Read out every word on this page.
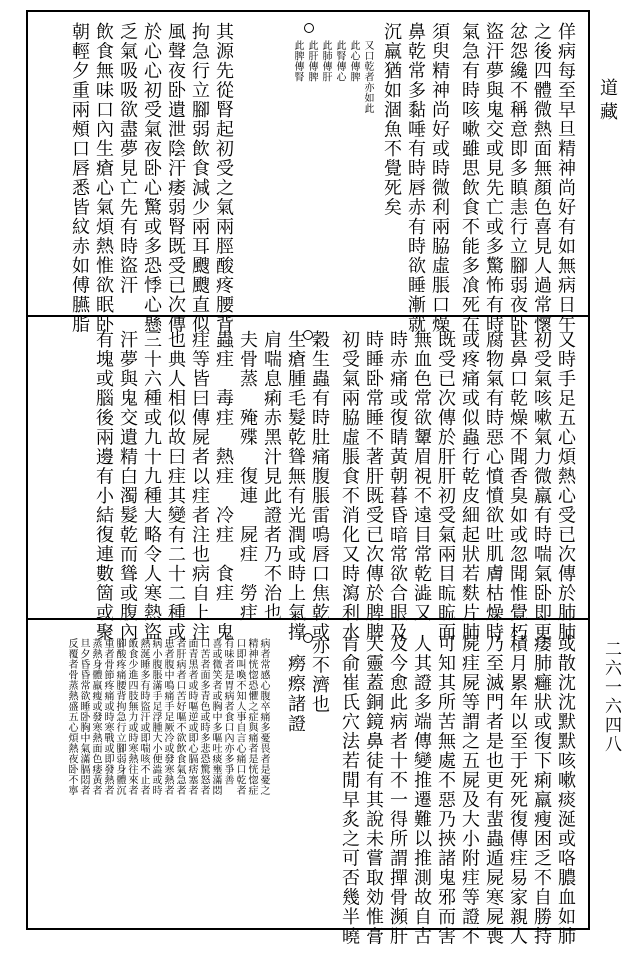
道藏
二六一六四八
佯病每至早旦精神尚好有如無病日午
之後四體微熱面無顏色喜見人過常懷
忿怨纔不稱意即多瞋恚行立腳弱夜卧
盜汗夢與鬼交或見先亡或多驚怖有時
氣急有時咳嗽雖思飲食不能多飡死在
須臾精神尚好或時微利兩脇虛脹口燥
鼻乾常多黏唾有時唇赤有時欲睡漸就
沉羸猶如涸魚不覺死矣
又口乾者亦如此
此心傳脾
此腎傳心
此肺傳肝
此肝傳脾
此脾傳腎
其源先從腎起初受之氣兩脛酸疼腰背
拘急行立腳弱飲食減少兩耳颼颼直似
風聲夜卧遺泄陰汗痿弱腎既受已次傳
於心心初受氣夜卧心驚或多恐悸心懸
乏氣吸吸欲盡夢見亡先有時盜汗
飲食無味口內生瘡心氣煩熱惟欲眠卧
朝輕夕重兩頰口唇悉皆紋赤如傅臙脂
又時手足五心煩熱心受已次傳於肺肺
初受氣咳嗽氣力微羸有時喘氣卧即更
甚鼻口乾燥不聞香臭如或忽聞惟覺朽
腐物氣有時惡心憤憤欲吐肌膚枯燥時
或疼痛或似蟲行乾皮細起狀若麩片肺
既受已次傳於肝肝初受氣兩目䀮䀮面
無血色常欲顰眉視不遠目常乾澁又
時赤痛或復睛黃朝暮昏暗常欲合眼及
時睡卧常睡不著肝既受已次傳於脾脾
初受氣兩脇虛脹食不消化又時瀉利水
穀生蟲有時肚痛腹脹雷鳴唇口焦乾或
生瘡腫毛髮乾聳無有光潤或時上氣撑
肩喘息痢赤黑汁見此證者乃不治也
夫骨蒸　殗殜　復連　屍疰　勞疰
蟲疰　毒疰　熱疰　冷疰　食疰　鬼
疰等皆曰傳屍者以疰者注也病自上注
也典人相似故曰疰其變有二十二種或
三十六種或九十九種大略令人寒熱盜
汗夢與鬼交遺精白濁髮乾而聳或腹內
有塊或腦後兩邊有小結復連數箇或聚
或散沈沈默默咳嗽痰涎或咯膿血如肺
痿肺癰狀或復下痢羸瘦困乏不自勝持
積月累年以至于死死復傳疰易家親人
乃至滅門者是也更有蜚蟲遁屍寒屍喪
屍疰屍等謂之五屍及大小附疰等證不
可知其所苦無處不惡乃挾諸鬼邪而害
人其證多端傳變推遷難以推測故自古
及今愈此病者十不一得所謂撣骨瀕肝
天靈蓋銅鏡鼻徒有其說未嘗取効惟膏
肓俞崔氏穴法若閒早炙之可否幾半曉
亦不濟也
癆瘵諸證
病者常感心腹卒痛多憂畏者是憂之
精神恍惚恐懼之症與痛者是恍惚症
口即叫喚不知人事自言心痛口乾者
有味者是胃病者食口內亦多爭善
喜或微笑者或胸中多嘔吐痰壅滿悶
口苦者面多青色或時多悲恐驚怒者
面青黑者或時嘔逆或即心膈痞塞者
者肝病者口苦好嘔不欲飲食氣急者
患者腹中鳴痛手足厥冷或發寒熱者
病小腹脹滿手足浮腫大小便澁或時
熱涎睡多有時盜汗或即喘咳不止者
飯食少進四肢無力或時寒熱往來者
腳酸疼痛腰背拘急行立腳弱身體沉
重者骨節疼痛或時寒戰或即發熱者
蒸熱身體羸瘦或發寒熱面色痿黃者
旦夕昏昏常欲睡卧胸中氣滿膈悶者
反覆者骨蒸熱盛五心煩熱夜卧不寧
